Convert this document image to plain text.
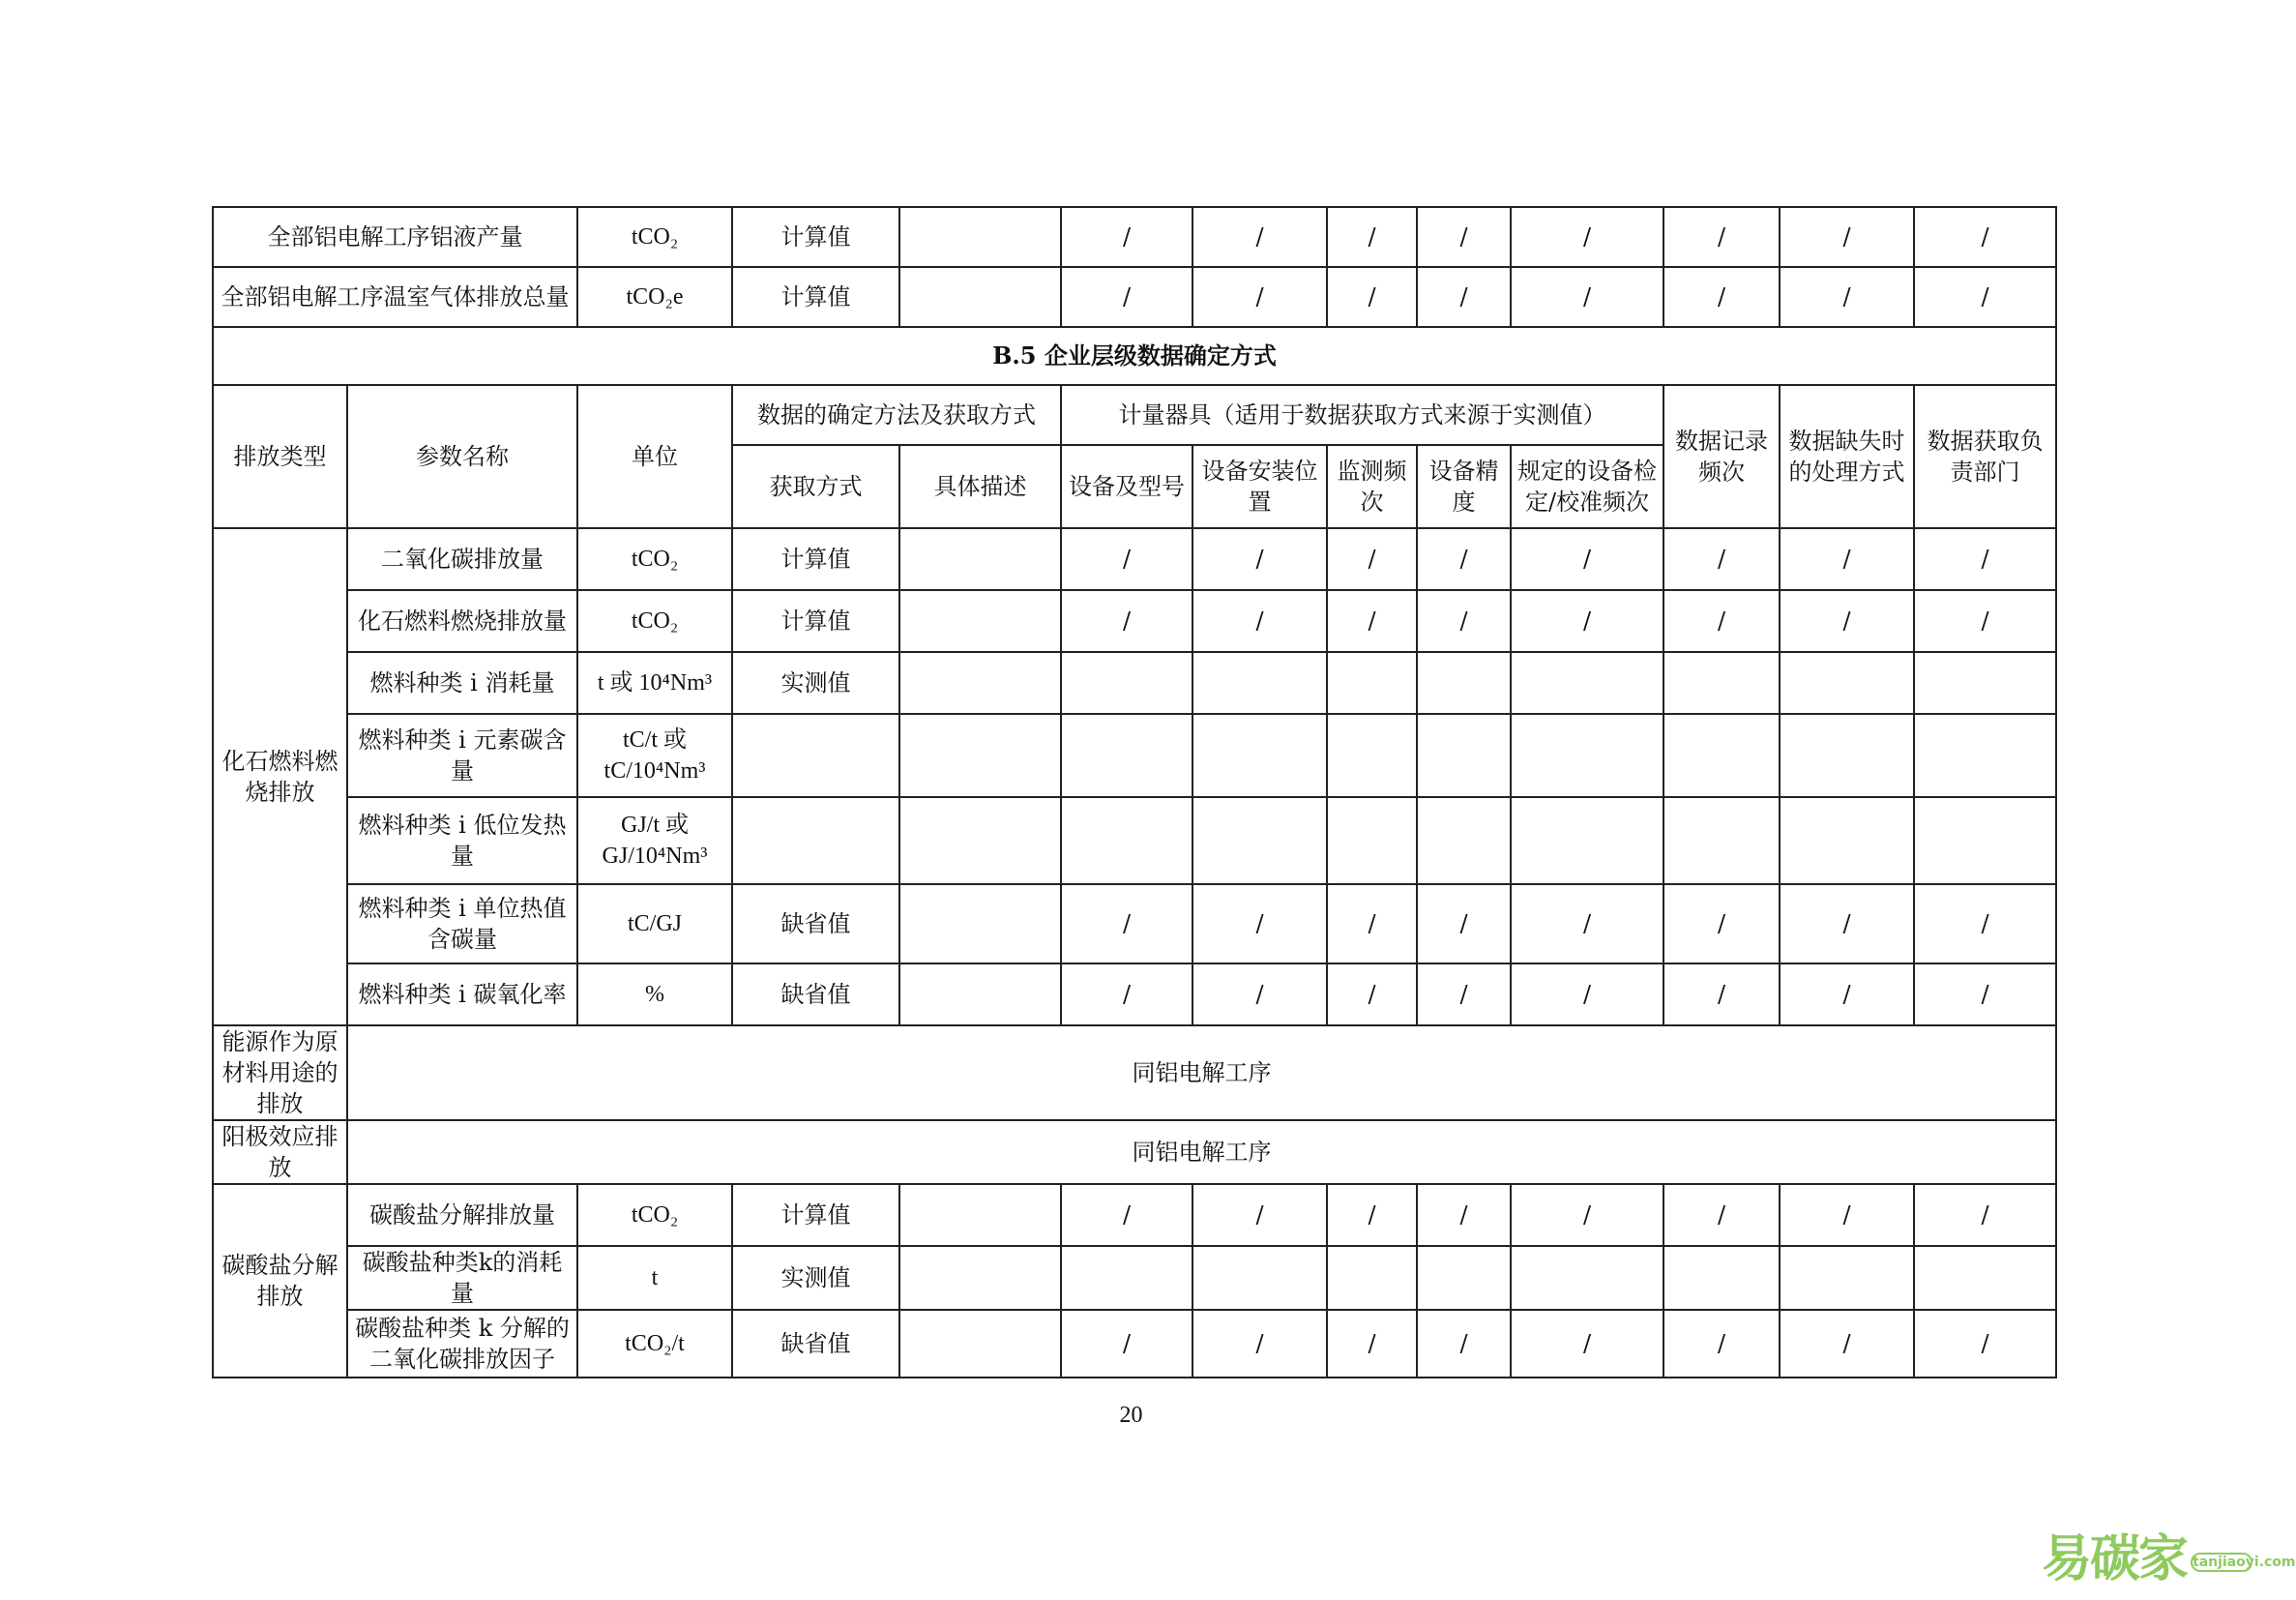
全部铝电解工序铝液产量		tCO₂	计算值		/	/	/	/	/	/	/	/
全部铝电解工序温室气体排放总量		tCO₂e	计算值		/	/	/	/	/	/	/	/
B.5 企业层级数据确定方式												
排放类型	参数名称	单位	数据的确定方法及获取方式		计量器具（适用于数据获取方式来源于实测值）					数据记录频次	数据缺失时的处理方式	数据获取负责部门
			获取方式	具体描述	设备及型号	设备安装位置	监测频次	设备精度	规定的设备检定/校准频次			
化石燃料燃烧排放	二氧化碳排放量	tCO₂	计算值		/	/	/	/	/	/	/	/
	化石燃料燃烧排放量	tCO₂	计算值		/	/	/	/	/	/	/	/
	燃料种类 i 消耗量	t 或 10⁴Nm³	实测值									
	燃料种类 i 元素碳含量	tC/t 或 tC/10⁴Nm³										
	燃料种类 i 低位发热量	GJ/t 或 GJ/10⁴Nm³										
	燃料种类 i 单位热值含碳量	tC/GJ	缺省值		/	/	/	/	/	/	/	/
	燃料种类 i 碳氧化率	%	缺省值		/	/	/	/	/	/	/	/
能源作为原材料用途的排放	同铝电解工序											
阳极效应排放	同铝电解工序											
碳酸盐分解排放	碳酸盐分解排放量	tCO₂	计算值		/	/	/	/	/	/	/	/
	碳酸盐种类k的消耗量	t	实测值									
	碳酸盐种类 k 分解的二氧化碳排放因子	tCO₂/t	缺省值		/	/	/	/	/	/	/	/
20
易碳家 tanjiaoyi.com
